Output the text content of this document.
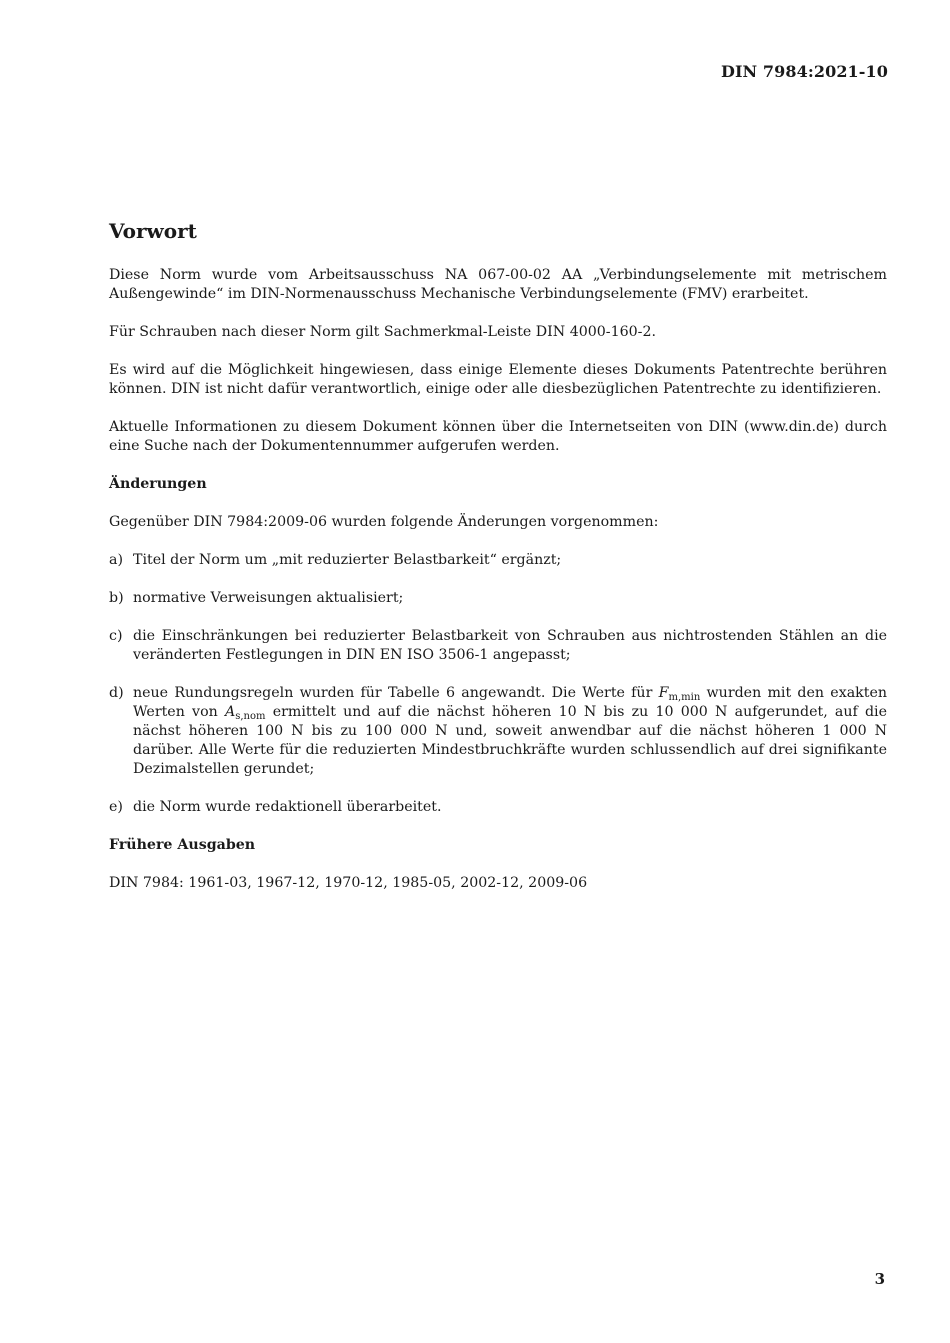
DIN 7984:2021-10
Vorwort

Diese Norm wurde vom Arbeitsausschuss NA 067-00-02 AA „Verbindungselemente mit metrischem Außengewinde“ im DIN-Normenausschuss Mechanische Verbindungselemente (FMV) erarbeitet.

Für Schrauben nach dieser Norm gilt Sachmerkmal-Leiste DIN 4000-160-2.

Es wird auf die Möglichkeit hingewiesen, dass einige Elemente dieses Dokuments Patentrechte berühren können. DIN ist nicht dafür verantwortlich, einige oder alle diesbezüglichen Patentrechte zu identifizieren.

Aktuelle Informationen zu diesem Dokument können über die Internetseiten von DIN (www.din.de) durch eine Suche nach der Dokumentennummer aufgerufen werden.

Änderungen

Gegenüber DIN 7984:2009-06 wurden folgende Änderungen vorgenommen:

a) Titel der Norm um „mit reduzierter Belastbarkeit“ ergänzt;
b) normative Verweisungen aktualisiert;
c) die Einschränkungen bei reduzierter Belastbarkeit von Schrauben aus nichtrostenden Stählen an die veränderten Festlegungen in DIN EN ISO 3506-1 angepasst;
d) neue Rundungsregeln wurden für Tabelle 6 angewandt. Die Werte für $F_{m,min}$ wurden mit den exakten Werten von $A_{s,nom}$ ermittelt und auf die nächst höheren 10 N bis zu 10 000 N aufgerundet, auf die nächst höheren 100 N bis zu 100 000 N und, soweit anwendbar auf die nächst höheren 1 000 N darüber. Alle Werte für die reduzierten Mindestbruchkräfte wurden schlussendlich auf drei signifikante Dezimalstellen gerundet;
e) die Norm wurde redaktionell überarbeitet.
Frühere Ausgaben

DIN 7984: 1961-03, 1967-12, 1970-12, 1985-05, 2002-12, 2009-06

3
